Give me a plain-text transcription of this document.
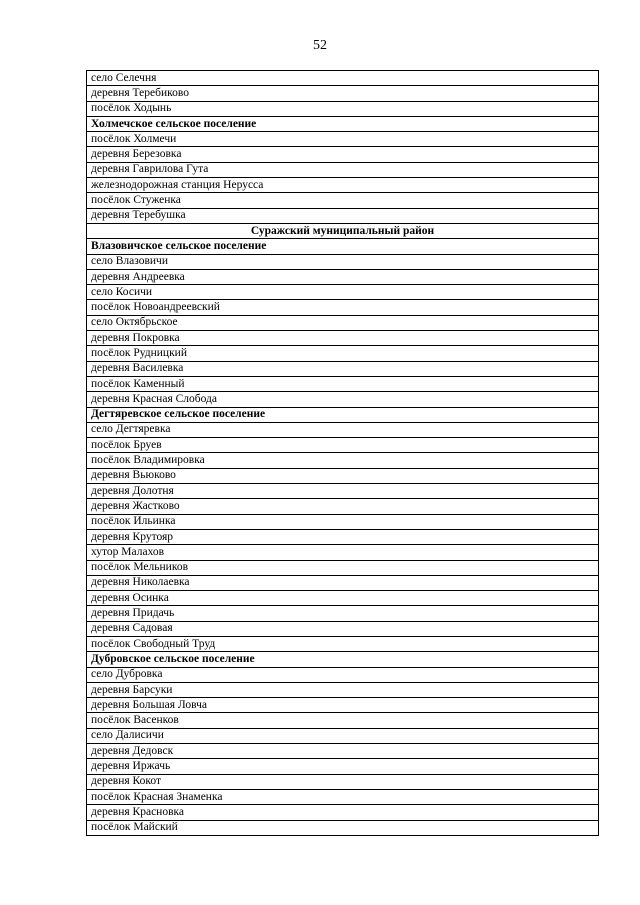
52
село Селечня
деревня Теребиково
посёлок Ходынь
Холмечское сельское поселение
посёлок Холмечи
деревня Березовка
деревня Гаврилова Гута
железнодорожная станция Нерусса
посёлок Стуженка
деревня Теребушка
Суражский муниципальный район
Влазовичское сельское поселение
село Влазовичи
деревня Андреевка
село Косичи
посёлок Новоандреевский
село Октябрьское
деревня Покровка
посёлок Рудницкий
деревня Василевка
посёлок Каменный
деревня Красная Слобода
Дегтяревское сельское поселение
село Дегтяревка
посёлок Бруев
посёлок Владимировка
деревня Вьюково
деревня Долотня
деревня Жастково
посёлок Ильинка
деревня Крутояр
хутор Малахов
посёлок Мельников
деревня Николаевка
деревня Осинка
деревня Придачь
деревня Садовая
посёлок Свободный Труд
Дубровское сельское поселение
село Дубровка
деревня Барсуки
деревня Большая Ловча
посёлок Васенков
село Далисичи
деревня Дедовск
деревня Иржачь
деревня Кокот
посёлок Красная Знаменка
деревня Красновка
посёлок Майский
